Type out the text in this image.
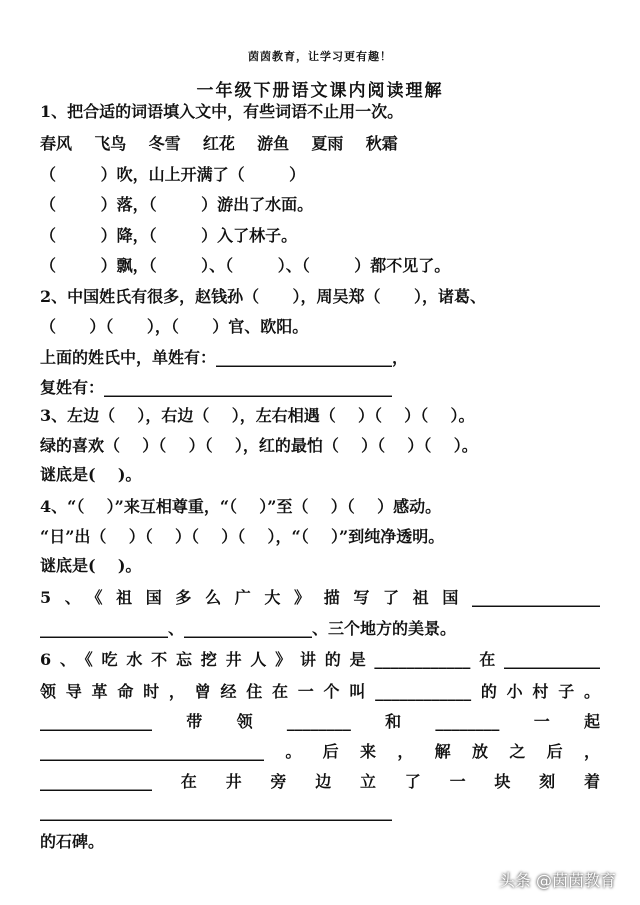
茵茵教育，让学习更有趣！
一年级下册语文课内阅读理解
1、把合适的词语填入文中，有些词语不止用一次。
春风    飞鸟    冬雪    红花    游鱼    夏雨    秋霜
（        ）吹，山上开满了（        ）
（        ）落，（        ）游出了水面。
（        ）降，（        ）入了林子。
（        ）飘，（        ）、（        ）、（        ）都不见了。
2、中国姓氏有很多，赵钱孙（      ），周吴郑（      ），诸葛、
（      ）（      ），（      ）官、欧阳。
上面的姓氏中，单姓有：______________________，
复姓有：____________________________________
3、左边（    ），右边（    ），左右相遇（    ）（    ）（    ）。
绿的喜欢（    ）（    ）（    ），红的最怕（    ）（    ）（    ）。
谜底是(    )。
4、“（    ）”来互相尊重，“（    ）”至（    ）（    ）感动。
“日”出（    ）（    ）（    ）（    ），“（    ）”到纯净透明。
谜底是(    )。
5、《祖国多么广大》描写了祖国________________
________________、________________、三个地方的美景。
6、《吃水不忘挖井人》讲的是____________在____________
领导革命时，曾经住在一个叫____________的小村子。
______________带领________和________一起
____________________________。后来，解放之后，
______________在井旁边立了一块刻着
____________________________________________
的石碑。
头条 @茵茵教育
